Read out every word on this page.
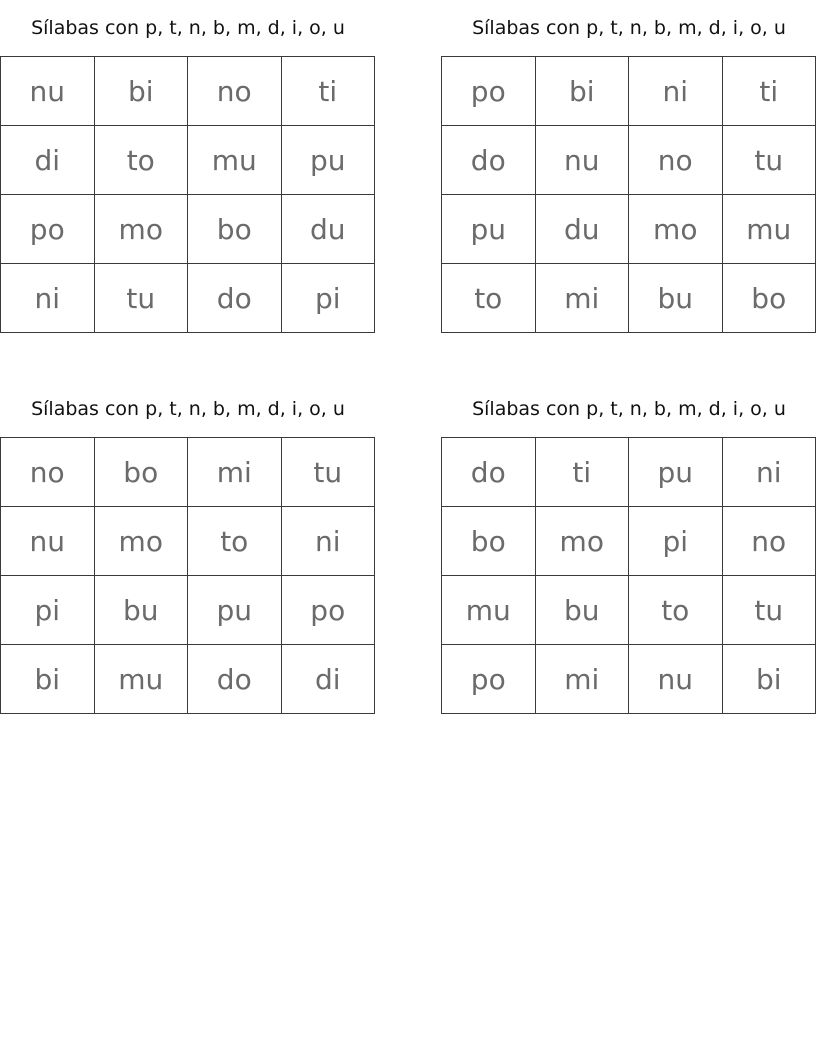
Sílabas con p, t, n, b, m, d, i, o, u
nu	bi	no	ti
di	to	mu	pu
po	mo	bo	du
ni	tu	do	pi
Sílabas con p, t, n, b, m, d, i, o, u
po	bi	ni	ti
do	nu	no	tu
pu	du	mo	mu
to	mi	bu	bo
Sílabas con p, t, n, b, m, d, i, o, u
no	bo	mi	tu
nu	mo	to	ni
pi	bu	pu	po
bi	mu	do	di
Sílabas con p, t, n, b, m, d, i, o, u
do	ti	pu	ni
bo	mo	pi	no
mu	bu	to	tu
po	mi	nu	bi
